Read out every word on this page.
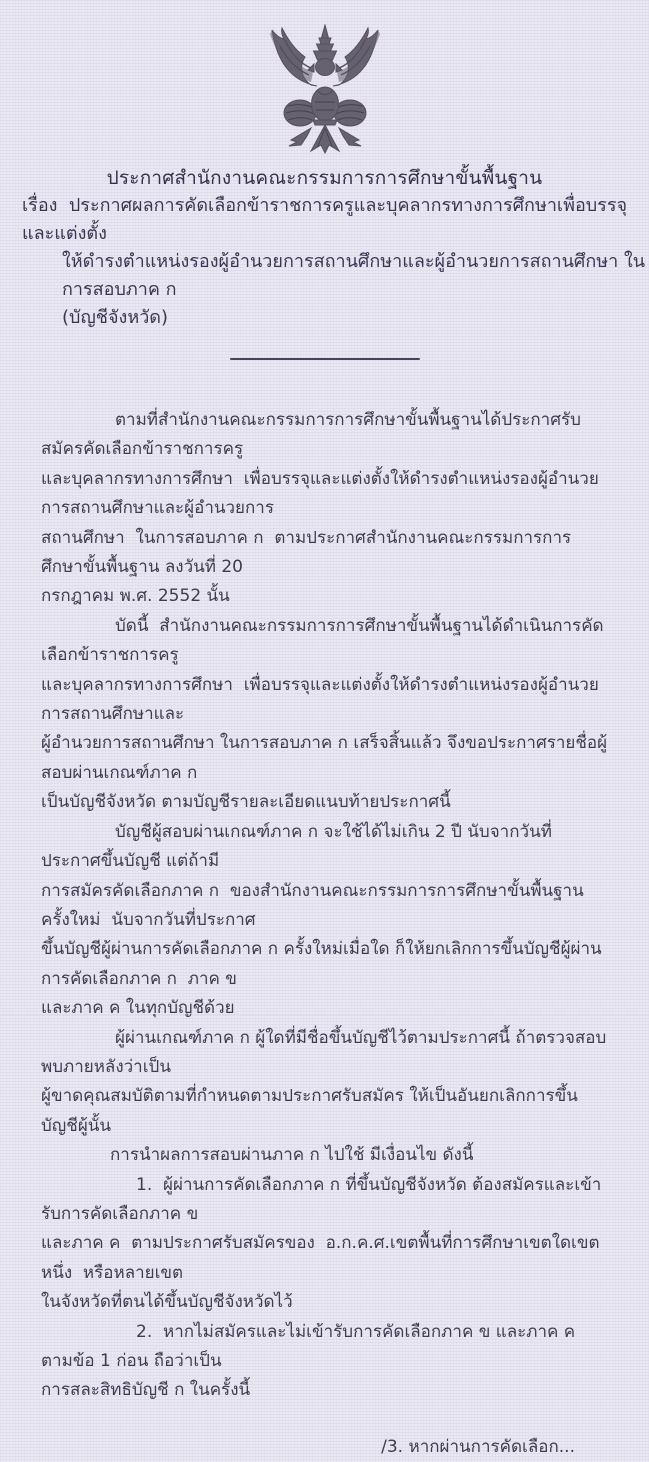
ประกาศสำนักงานคณะกรรมการการศึกษาขั้นพื้นฐาน
เรื่อง  ประกาศผลการคัดเลือกข้าราชการครูและบุคลากรทางการศึกษาเพื่อบรรจุและแต่งตั้ง
ให้ดำรงตำแหน่งรองผู้อำนวยการสถานศึกษาและผู้อำนวยการสถานศึกษา ในการสอบภาค ก
(บัญชีจังหวัด)
ตามที่สำนักงานคณะกรรมการการศึกษาขั้นพื้นฐานได้ประกาศรับสมัครคัดเลือกข้าราชการครู
และบุคลากรทางการศึกษา  เพื่อบรรจุและแต่งตั้งให้ดำรงตำแหน่งรองผู้อำนวยการสถานศึกษาและผู้อำนวยการ
สถานศึกษา  ในการสอบภาค ก  ตามประกาศสำนักงานคณะกรรมการการศึกษาขั้นพื้นฐาน ลงวันที่ 20
กรกฎาคม พ.ศ. 2552 นั้น
บัดนี้  สำนักงานคณะกรรมการการศึกษาขั้นพื้นฐานได้ดำเนินการคัดเลือกข้าราชการครู
และบุคลากรทางการศึกษา  เพื่อบรรจุและแต่งตั้งให้ดำรงตำแหน่งรองผู้อำนวยการสถานศึกษาและ
ผู้อำนวยการสถานศึกษา ในการสอบภาค ก เสร็จสิ้นแล้ว จึงขอประกาศรายชื่อผู้สอบผ่านเกณฑ์ภาค ก
เป็นบัญชีจังหวัด ตามบัญชีรายละเอียดแนบท้ายประกาศนี้
บัญชีผู้สอบผ่านเกณฑ์ภาค ก จะใช้ได้ไม่เกิน 2 ปี นับจากวันที่ประกาศขึ้นบัญชี แต่ถ้ามี
การสมัครคัดเลือกภาค ก  ของสำนักงานคณะกรรมการการศึกษาขั้นพื้นฐานครั้งใหม่  นับจากวันที่ประกาศ
ขึ้นบัญชีผู้ผ่านการคัดเลือกภาค ก ครั้งใหม่เมื่อใด ก็ให้ยกเลิกการขึ้นบัญชีผู้ผ่านการคัดเลือกภาค ก  ภาค ข
และภาค ค ในทุกบัญชีด้วย
ผู้ผ่านเกณฑ์ภาค ก ผู้ใดที่มีชื่อขึ้นบัญชีไว้ตามประกาศนี้ ถ้าตรวจสอบพบภายหลังว่าเป็น
ผู้ขาดคุณสมบัติตามที่กำหนดตามประกาศรับสมัคร ให้เป็นอันยกเลิกการขึ้นบัญชีผู้นั้น
การนำผลการสอบผ่านภาค ก ไปใช้ มีเงื่อนไข ดังนี้
1.  ผู้ผ่านการคัดเลือกภาค ก ที่ขึ้นบัญชีจังหวัด ต้องสมัครและเข้ารับการคัดเลือกภาค ข
และภาค ค  ตามประกาศรับสมัครของ  อ.ก.ค.ศ.เขตพื้นที่การศึกษาเขตใดเขตหนึ่ง  หรือหลายเขต
ในจังหวัดที่ตนได้ขึ้นบัญชีจังหวัดไว้
2.  หากไม่สมัครและไม่เข้ารับการคัดเลือกภาค ข และภาค ค ตามข้อ 1 ก่อน ถือว่าเป็น
การสละสิทธิบัญชี ก ในครั้งนี้
/3. หากผ่านการคัดเลือก...
